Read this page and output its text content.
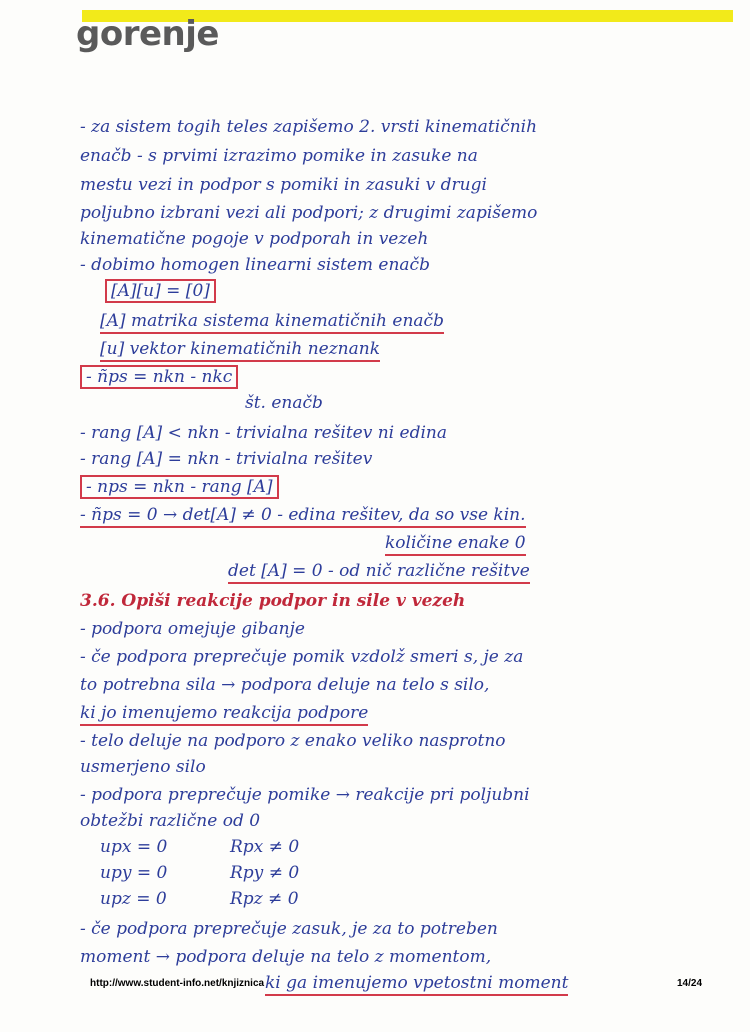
gorenje
- za sistem togih teles zapišemo 2. vrsti kinematičnih
enačb - s prvimi izrazimo pomike in zasuke na
mestu vezi in podpor s pomiki in zasuki v drugi
poljubno izbrani vezi ali podpori; z drugimi zapišemo
kinematične pogoje v podporah in vezeh
- dobimo homogen linearni sistem enačb
[A][u] = [0]
[A] matrika sistema kinematičnih enačb
[u] vektor kinematičnih neznank
- ñps = nkn - nkc
št. enačb
- rang [A] < nkn - trivialna rešitev ni edina
- rang [A] = nkn - trivialna rešitev
- nps = nkn - rang [A]
- ñps = 0 → det[A] ≠ 0 - edina rešitev, da so vse kin.
količine enake 0
det [A] = 0 - od nič različne rešitve
3.6. Opiši reakcije podpor in sile v vezeh
- podpora omejuje gibanje
- če podpora preprečuje pomik vzdolž smeri s, je za
to potrebna sila → podpora deluje na telo s silo,
ki jo imenujemo reakcija podpore
- telo deluje na podporo z enako veliko nasprotno
usmerjeno silo
- podpora preprečuje pomike → reakcije pri poljubni
obtežbi različne od 0
upx = 0
upy = 0
upz = 0
Rpx ≠ 0
Rpy ≠ 0
Rpz ≠ 0
- če podpora preprečuje zasuk, je za to potreben
moment → podpora deluje na telo z momentom,
ki ga imenujemo vpetostni moment
http://www.student-info.net/knjiznica	14/24
